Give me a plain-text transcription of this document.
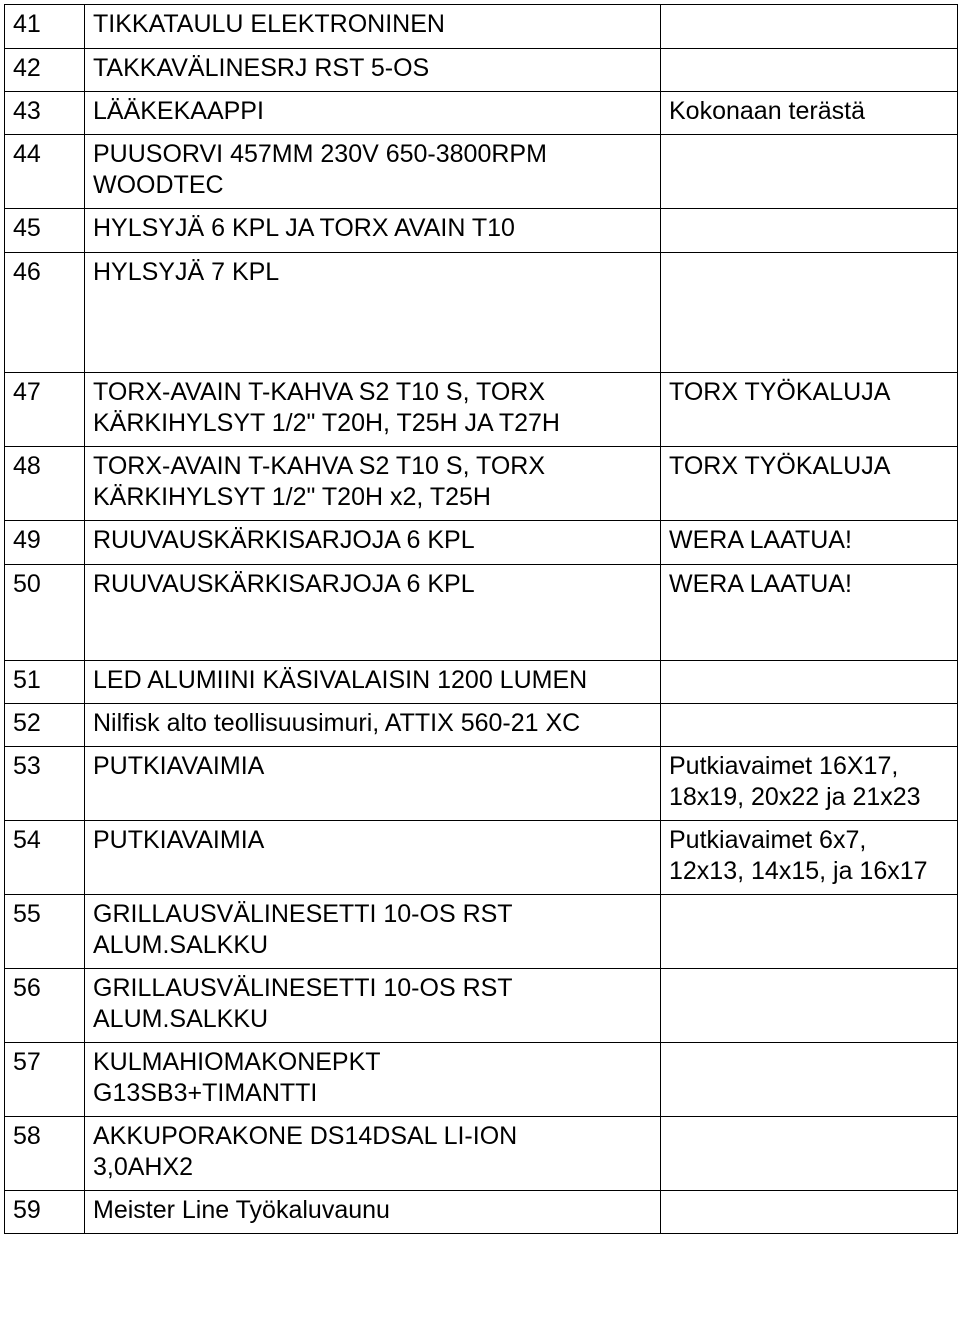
41	TIKKATAULU ELEKTRONINEN	
42	TAKKAVÄLINESRJ RST 5-OS	
43	LÄÄKEKAAPPI	Kokonaan terästä
44	PUUSORVI 457MM 230V 650-3800RPM
WOODTEC	
45	HYLSYJÄ 6 KPL JA TORX AVAIN T10	
46	HYLSYJÄ 7 KPL	
47	TORX-AVAIN T-KAHVA S2 T10 S, TORX
KÄRKIHYLSYT 1/2" T20H, T25H JA T27H	TORX TYÖKALUJA
48	TORX-AVAIN T-KAHVA S2 T10 S, TORX
KÄRKIHYLSYT 1/2" T20H x2, T25H	TORX TYÖKALUJA
49	RUUVAUSKÄRKISARJOJA 6 KPL	WERA LAATUA!
50	RUUVAUSKÄRKISARJOJA 6 KPL	WERA LAATUA!
51	LED ALUMIINI KÄSIVALAISIN 1200 LUMEN	
52	Nilfisk alto teollisuusimuri, ATTIX 560-21 XC	
53	PUTKIAVAIMIA	Putkiavaimet 16X17,
18x19, 20x22 ja 21x23
54	PUTKIAVAIMIA	Putkiavaimet 6x7,
12x13, 14x15, ja 16x17
55	GRILLAUSVÄLINESETTI 10-OS RST
ALUM.SALKKU	
56	GRILLAUSVÄLINESETTI 10-OS RST
ALUM.SALKKU	
57	KULMAHIOMAKONEPKT
G13SB3+TIMANTTI	
58	AKKUPORAKONE DS14DSAL LI-ION
3,0AHX2	
59	Meister Line Työkaluvaunu	
